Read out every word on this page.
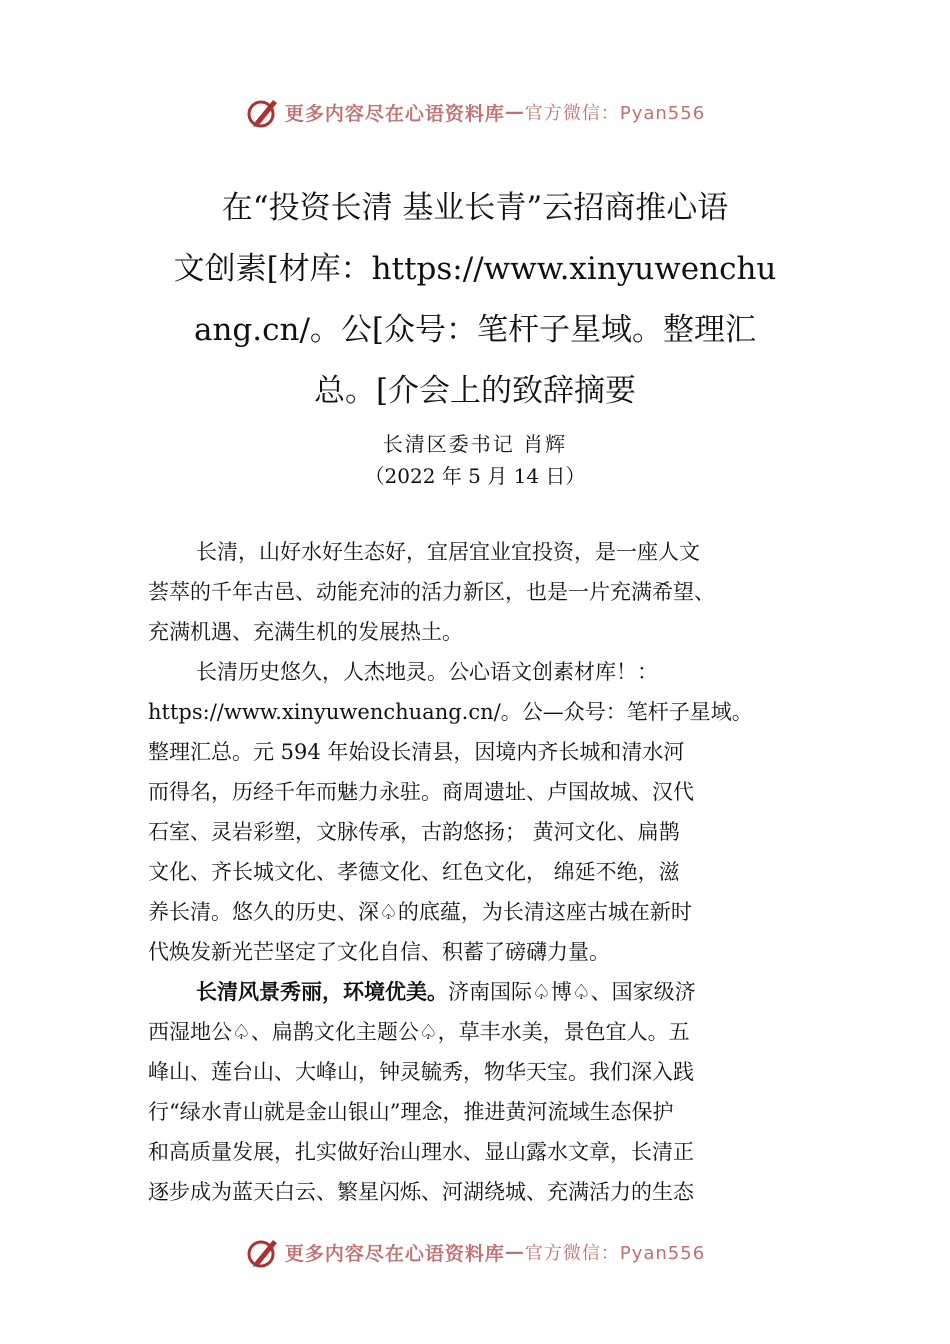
更多内容尽在心语资料库 — 官方微信：Pyan556
在“投资长清 基业长青”云招商推心语
文创素[材库：https://www.xinyuwenchu
ang.cn/。公[众号：笔杆子星域。整理汇
总。[介会上的致辞摘要
长清区委书记 肖辉
（2022 年 5 月 14 日）
长清，山好水好生态好，宜居宜业宜投资，是一座人文
荟萃的千年古邑、动能充沛的活力新区，也是一片充满希望、
充满机遇、充满生机的发展热土。
长清历史悠久，人杰地灵。公心语文创素材库！：
https://www.xinyuwenchuang.cn/。公—众号：笔杆子星域。
整理汇总。元 594 年始设长清县，因境内齐长城和清水河
而得名，历经千年而魅力永驻。商周遗址、卢国故城、汉代
石室、灵岩彩塑，文脉传承，古韵悠扬； 黄河文化、扁鹊
文化、齐长城文化、孝德文化、红色文化， 绵延不绝，滋
养长清。悠久的历史、深♤的底蕴，为长清这座古城在新时
代焕发新光芒坚定了文化自信、积蓄了磅礴力量。
长清风景秀丽，环境优美。济南国际♤博♤、国家级济
西湿地公♤、扁鹊文化主题公♤，草丰水美，景色宜人。五
峰山、莲台山、大峰山，钟灵毓秀，物华天宝。我们深入践
行“绿水青山就是金山银山”理念，推进黄河流域生态保护
和高质量发展，扎实做好治山理水、显山露水文章，长清正
逐步成为蓝天白云、繁星闪烁、河湖绕城、充满活力的生态
更多内容尽在心语资料库 — 官方微信：Pyan556
